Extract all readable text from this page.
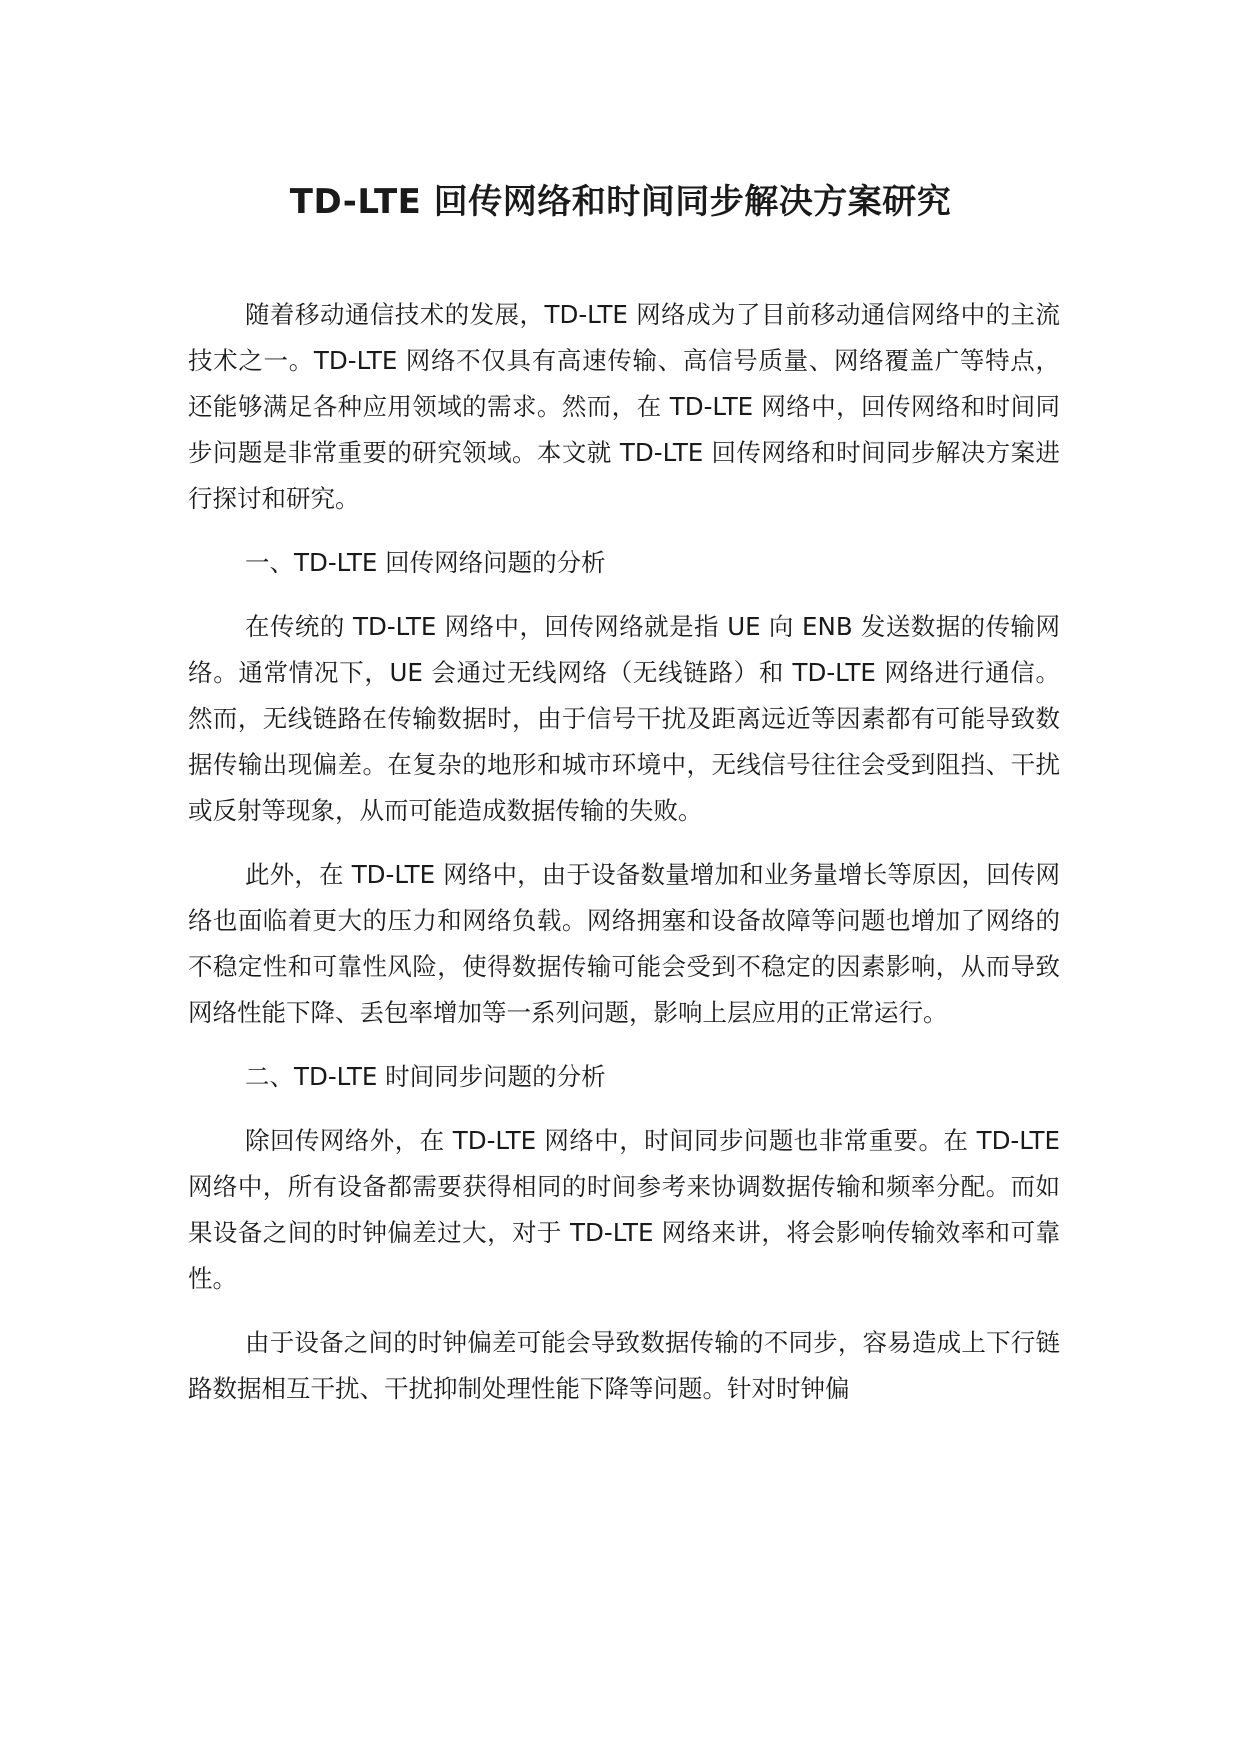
TD-LTE 回传网络和时间同步解决方案研究

随着移动通信技术的发展，TD-LTE 网络成为了目前移动通信网络中的主流技术之一。TD-LTE 网络不仅具有高速传输、高信号质量、网络覆盖广等特点，还能够满足各种应用领域的需求。然而，在 TD-LTE 网络中，回传网络和时间同步问题是非常重要的研究领域。本文就 TD-LTE 回传网络和时间同步解决方案进行探讨和研究。

一、TD-LTE 回传网络问题的分析

在传统的 TD-LTE 网络中，回传网络就是指 UE 向 ENB 发送数据的传输网络。通常情况下，UE 会通过无线网络（无线链路）和 TD-LTE 网络进行通信。然而，无线链路在传输数据时，由于信号干扰及距离远近等因素都有可能导致数据传输出现偏差。在复杂的地形和城市环境中，无线信号往往会受到阻挡、干扰或反射等现象，从而可能造成数据传输的失败。

此外，在 TD-LTE 网络中，由于设备数量增加和业务量增长等原因，回传网络也面临着更大的压力和网络负载。网络拥塞和设备故障等问题也增加了网络的不稳定性和可靠性风险，使得数据传输可能会受到不稳定的因素影响，从而导致网络性能下降、丢包率增加等一系列问题，影响上层应用的正常运行。

二、TD-LTE 时间同步问题的分析

除回传网络外，在 TD-LTE 网络中，时间同步问题也非常重要。在 TD-LTE 网络中，所有设备都需要获得相同的时间参考来协调数据传输和频率分配。而如果设备之间的时钟偏差过大，对于 TD-LTE 网络来讲，将会影响传输效率和可靠性。

由于设备之间的时钟偏差可能会导致数据传输的不同步，容易造成上下行链路数据相互干扰、干扰抑制处理性能下降等问题。针对时钟偏
